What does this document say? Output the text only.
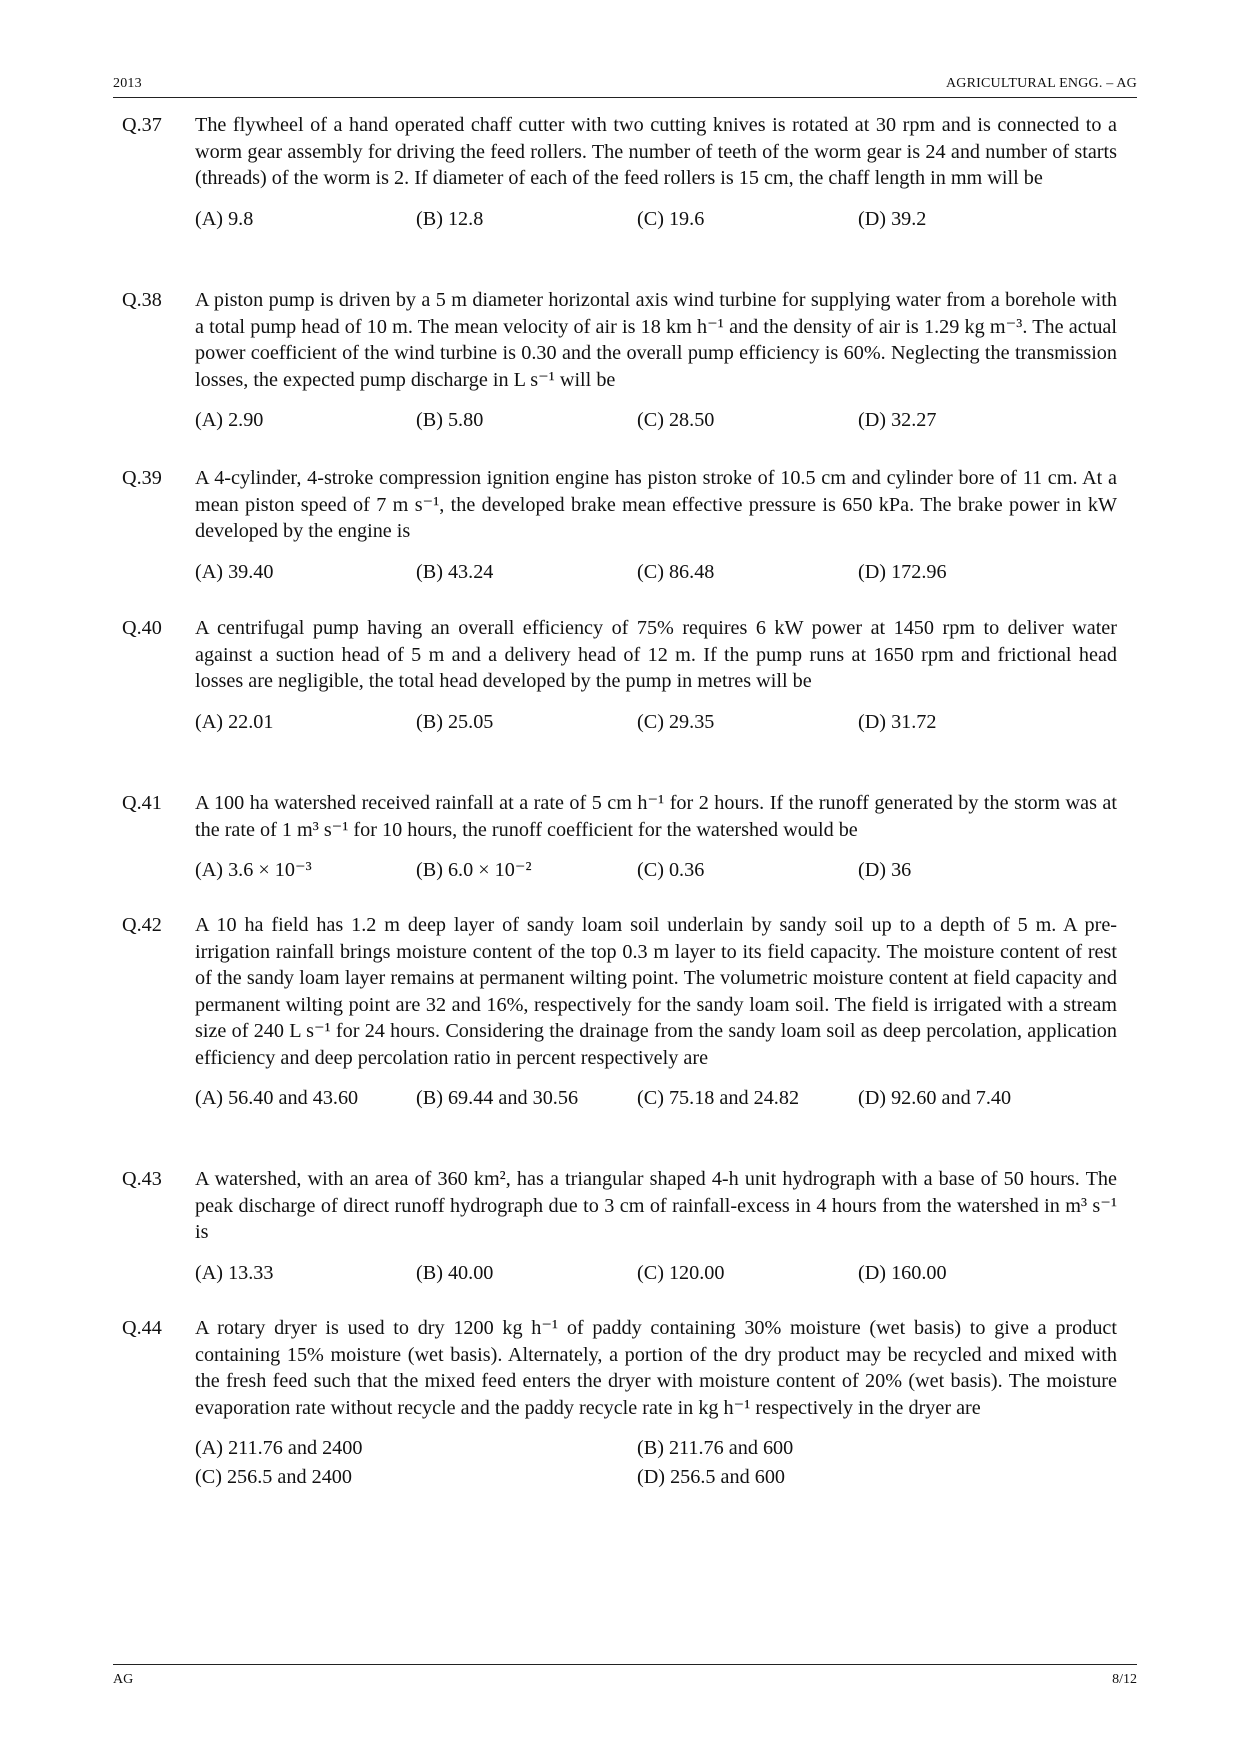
2013	AGRICULTURAL ENGG. – AG
Q.37	The flywheel of a hand operated chaff cutter with two cutting knives is rotated at 30 rpm and is connected to a worm gear assembly for driving the feed rollers. The number of teeth of the worm gear is 24 and number of starts (threads) of the worm is 2. If diameter of each of the feed rollers is 15 cm, the chaff length in mm will be
(A) 9.8	(B) 12.8	(C) 19.6	(D) 39.2
Q.38	A piston pump is driven by a 5 m diameter horizontal axis wind turbine for supplying water from a borehole with a total pump head of 10 m. The mean velocity of air is 18 km h⁻¹ and the density of air is 1.29 kg m⁻³. The actual power coefficient of the wind turbine is 0.30 and the overall pump efficiency is 60%. Neglecting the transmission losses, the expected pump discharge in L s⁻¹ will be
(A) 2.90	(B) 5.80	(C) 28.50	(D) 32.27
Q.39	A 4-cylinder, 4-stroke compression ignition engine has piston stroke of 10.5 cm and cylinder bore of 11 cm. At a mean piston speed of 7 m s⁻¹, the developed brake mean effective pressure is 650 kPa. The brake power in kW developed by the engine is
(A) 39.40	(B) 43.24	(C) 86.48	(D) 172.96
Q.40	A centrifugal pump having an overall efficiency of 75% requires 6 kW power at 1450 rpm to deliver water against a suction head of 5 m and a delivery head of 12 m. If the pump runs at 1650 rpm and frictional head losses are negligible, the total head developed by the pump in metres will be
(A) 22.01	(B) 25.05	(C) 29.35	(D) 31.72
Q.41	A 100 ha watershed received rainfall at a rate of 5 cm h⁻¹ for 2 hours. If the runoff generated by the storm was at the rate of 1 m³ s⁻¹ for 10 hours, the runoff coefficient for the watershed would be
(A) 3.6 × 10⁻³	(B) 6.0 × 10⁻²	(C) 0.36	(D) 36
Q.42	A 10 ha field has 1.2 m deep layer of sandy loam soil underlain by sandy soil up to a depth of 5 m. A pre-irrigation rainfall brings moisture content of the top 0.3 m layer to its field capacity. The moisture content of rest of the sandy loam layer remains at permanent wilting point. The volumetric moisture content at field capacity and permanent wilting point are 32 and 16%, respectively for the sandy loam soil. The field is irrigated with a stream size of 240 L s⁻¹ for 24 hours. Considering the drainage from the sandy loam soil as deep percolation, application efficiency and deep percolation ratio in percent respectively are
(A) 56.40 and 43.60	(B) 69.44 and 30.56	(C) 75.18 and 24.82	(D) 92.60 and 7.40
Q.43	A watershed, with an area of 360 km², has a triangular shaped 4-h unit hydrograph with a base of 50 hours. The peak discharge of direct runoff hydrograph due to 3 cm of rainfall-excess in 4 hours from the watershed in m³ s⁻¹ is
(A) 13.33	(B) 40.00	(C) 120.00	(D) 160.00
Q.44	A rotary dryer is used to dry 1200 kg h⁻¹ of paddy containing 30% moisture (wet basis) to give a product containing 15% moisture (wet basis). Alternately, a portion of the dry product may be recycled and mixed with the fresh feed such that the mixed feed enters the dryer with moisture content of 20% (wet basis). The moisture evaporation rate without recycle and the paddy recycle rate in kg h⁻¹ respectively in the dryer are
(A) 211.76 and 2400	(B) 211.76 and 600
(C) 256.5 and 2400	(D) 256.5 and 600
AG	8/12
